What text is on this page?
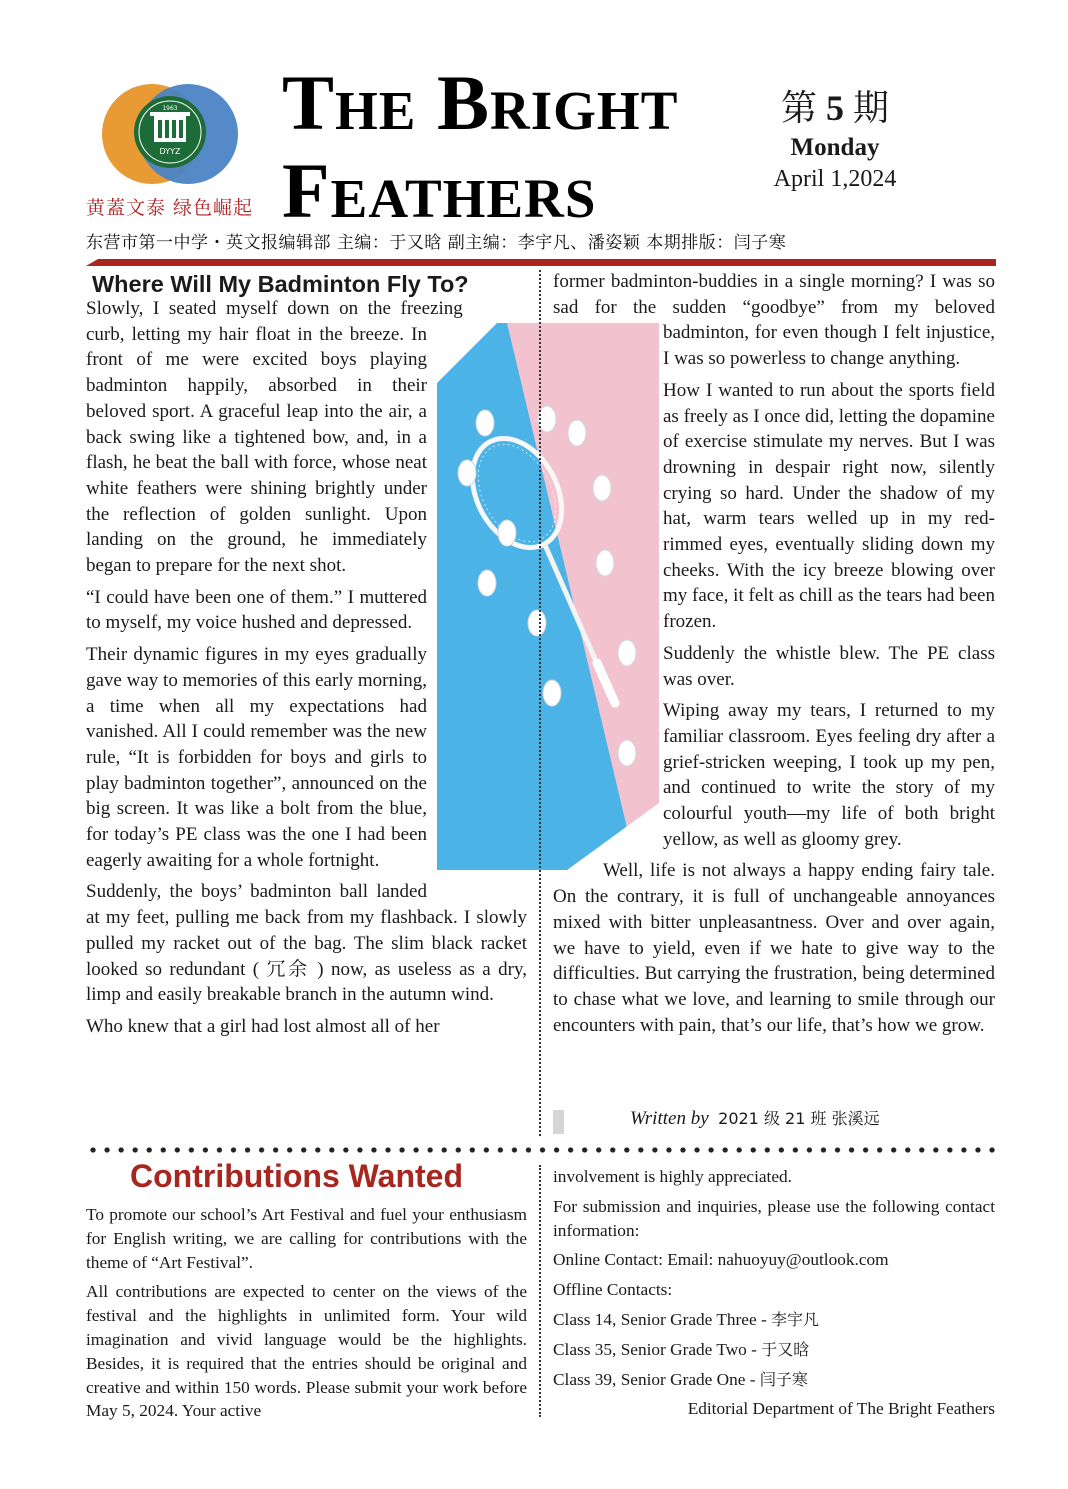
1963
DYYZ
黄蓋文泰 绿色崛起
The Bright
Feathers
第 5 期
Monday
April 1,2024
东营市第一中学・英文报编辑部 主编：于又晗 副主编：李宇凡、潘姿颖 本期排版：闫子寒
Where Will My Badminton Fly To?

Slowly, I seated myself down on the freezing curb, letting my hair float in the breeze. In front of me were excited boys playing badminton happily, absorbed in their beloved sport. A graceful leap into the air, a back swing like a tightened bow, and, in a flash, he beat the ball with force, whose neat white feathers were shining brightly under the reflection of golden sunlight. Upon landing on the ground, he immediately began to prepare for the next shot.

“I could have been one of them.” I muttered to myself, my voice hushed and depressed.

Their dynamic figures in my eyes gradually gave way to memories of this early morning, a time when all my expectations had vanished. All I could remember was the new rule, “It is forbidden for boys and girls to play badminton together”, announced on the big screen. It was like a bolt from the blue, for today’s PE class was the one I had been eagerly awaiting for a whole fortnight.

Suddenly, the boys’ badminton ball landed at my feet, pulling me back from my flashback. I slowly pulled my racket out of the bag. The slim black racket looked so redundant ( 冗余 ) now, as useless as a dry, limp and easily breakable branch in the autumn wind.

Who knew that a girl had lost almost all of her

former badminton-buddies in a single morning? I was so sad for the sudden “goodbye” from my beloved badminton, for even though I felt injustice, I was so powerless to change anything.

How I wanted to run about the sports field as freely as I once did, letting the dopamine of exercise stimulate my nerves. But I was drowning in despair right now, silently crying so hard. Under the shadow of my hat, warm tears welled up in my red-rimmed eyes, eventually sliding down my cheeks. With the icy breeze blowing over my face, it felt as chill as the tears had been frozen.

Suddenly the whistle blew. The PE class was over.

Wiping away my tears, I returned to my familiar classroom. Eyes feeling dry after a grief-stricken weeping, I took up my pen, and continued to write the story of my colourful youth—my life of both bright yellow, as well as gloomy grey.

Well, life is not always a happy ending fairy tale. On the contrary, it is full of unchangeable annoyances mixed with bitter unpleasantness. Over and over again, we have to yield, even if we hate to give way to the difficulties. But carrying the frustration, being determined to chase what we love, and learning to smile through our encounters with pain, that’s our life, that’s how we grow.

Written by 2021 级 21 班 张溪远
Contributions Wanted

To promote our school’s Art Festival and fuel your enthusiasm for English writing, we are calling for contributions with the theme of “Art Festival”.

All contributions are expected to center on the views of the festival and the highlights in unlimited form. Your wild imagination and vivid language would be the highlights. Besides, it is required that the entries should be original and creative and within 150 words. Please submit your work before May 5, 2024. Your active

involvement is highly appreciated.

For submission and inquiries, please use the following contact information:

Online Contact: Email: nahuoyuy@outlook.com

Offline Contacts:

Class 14, Senior Grade Three - 李宇凡

Class 35, Senior Grade Two - 于又晗

Class 39, Senior Grade One - 闫子寒

Editorial Department of The Bright Feathers
